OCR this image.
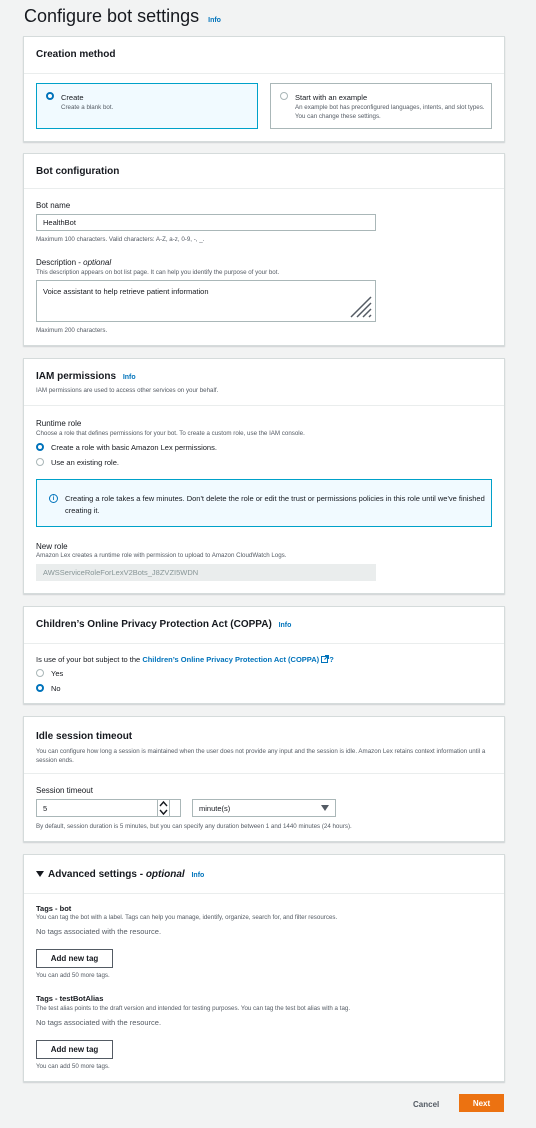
Configure bot settings Info
Creation method
Create
Create a blank bot.
Start with an example
An example bot has preconfigured languages, intents, and slot types. You can change these settings.
Bot configuration
Bot name
HealthBot
Maximum 100 characters. Valid characters: A-Z, a-z, 0-9, -, _.
Description - optional
This description appears on bot list page. It can help you identify the purpose of your bot.
Voice assistant to help retrieve patient information
Maximum 200 characters.
IAM permissions Info
IAM permissions are used to access other services on your behalf.
Runtime role
Choose a role that defines permissions for your bot. To create a custom role, use the IAM console.
Create a role with basic Amazon Lex permissions.
Use an existing role.
i	Creating a role takes a few minutes. Don't delete the role or edit the trust or permissions policies in this role until we've finished creating it.
New role
Amazon Lex creates a runtime role with permission to upload to Amazon CloudWatch Logs.
AWSServiceRoleForLexV2Bots_J8ZVZI5WDN
Children’s Online Privacy Protection Act (COPPA) Info
Is use of your bot subject to the Children’s Online Privacy Protection Act (COPPA) ?
Yes
No
Idle session timeout
You can configure how long a session is maintained when the user does not provide any input and the session is idle. Amazon Lex retains context information until a session ends.
Session timeout
5	minute(s)
By default, session duration is 5 minutes, but you can specify any duration between 1 and 1440 minutes (24 hours).
Advanced settings - optional Info
Tags - bot
You can tag the bot with a label. Tags can help you manage, identify, organize, search for, and filter resources.
No tags associated with the resource.
Add new tag
You can add 50 more tags.
Tags - testBotAlias
The test alias points to the draft version and intended for testing purposes. You can tag the test bot alias with a tag.
No tags associated with the resource.
Add new tag
You can add 50 more tags.
Cancel	Next
